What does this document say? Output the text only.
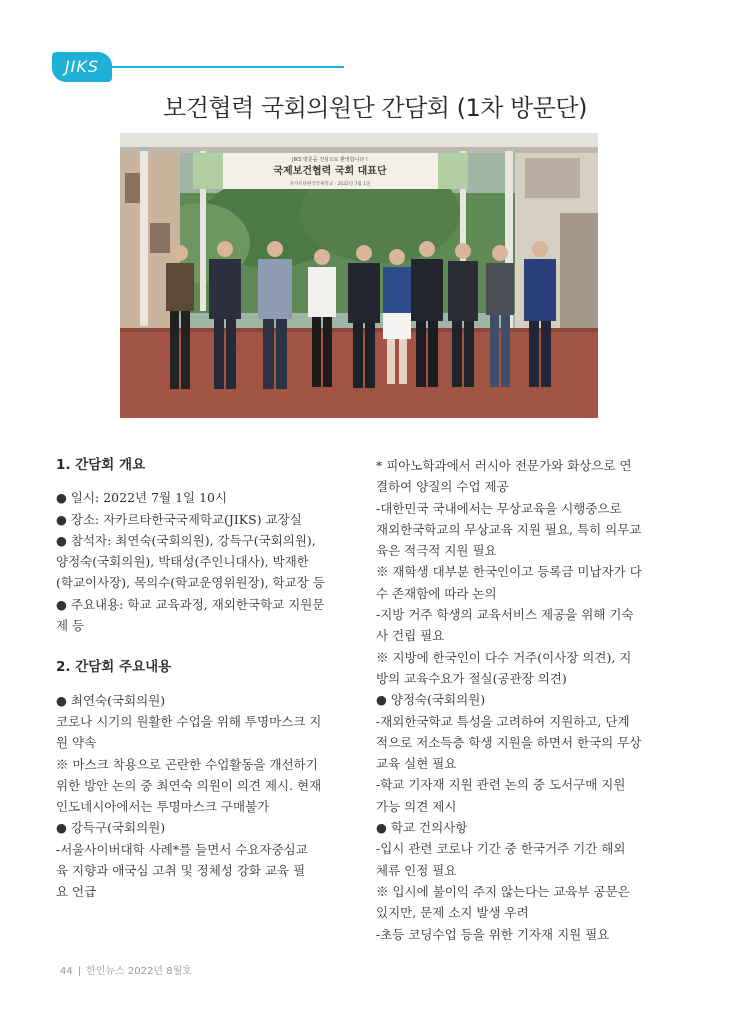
JIKS
보건협력 국회의원단 간담회 (1차 방문단)
JIKS 방문을 진심으로 환영합니다 !
국제보건협력 국회 대표단
자카르타한국국제학교 · 2022년 7월 1일

1. 간담회 개요

● 일시: 2022년 7월 1일 10시

● 장소: 자카르타한국국제학교(JIKS) 교장실

● 참석자: 최연숙(국회의원), 강득구(국회의원),

양정숙(국회의원), 박태성(주인니대사), 박재한

(학교이사장), 목의수(학교운영위원장), 학교장 등

● 주요내용: 학교 교육과정, 재외한국학교 지원문

제 등

2. 간담회 주요내용

● 최연숙(국회의원)

코로나 시기의 원활한 수업을 위해 투명마스크 지

원 약속

※ 마스크 착용으로 곤란한 수업활동을 개선하기

위한 방안 논의 중 최연숙 의원이 의견 제시. 현재

인도네시아에서는 투명마스크 구매불가

● 강득구(국회의원)

-서울사이버대학 사례*를 들면서 수요자중심교

육 지향과 애국심 고취 및 정체성 강화 교육 필

요 언급

* 피아노학과에서 러시아 전문가와 화상으로 연

결하여 양질의 수업 제공

-대한민국 국내에서는 무상교육을 시행중으로

재외한국학교의 무상교육 지원 필요, 특히 의무교

육은 적극적 지원 필요

※ 재학생 대부분 한국인이고 등록금 미납자가 다

수 존재함에 따라 논의

-지방 거주 학생의 교육서비스 제공을 위해 기숙

사 건립 필요

※ 지방에 한국인이 다수 거주(이사장 의견), 지

방의 교육수요가 절실(공관장 의견)

● 양정숙(국회의원)

-재외한국학교 특성을 고려하여 지원하고, 단계

적으로 저소득층 학생 지원을 하면서 한국의 무상

교육 실현 필요

-학교 기자재 지원 관련 논의 중 도서구매 지원

가능 의견 제시

● 학교 건의사항

-입시 관련 코로나 기간 중 한국거주 기간 해외

체류 인정 필요

※ 입시에 불이익 주지 않는다는 교육부 공문은

있지만, 문제 소지 발생 우려

-초등 코딩수업 등을 위한 기자재 지원 필요

44 | 한인뉴스 2022년 8월호
